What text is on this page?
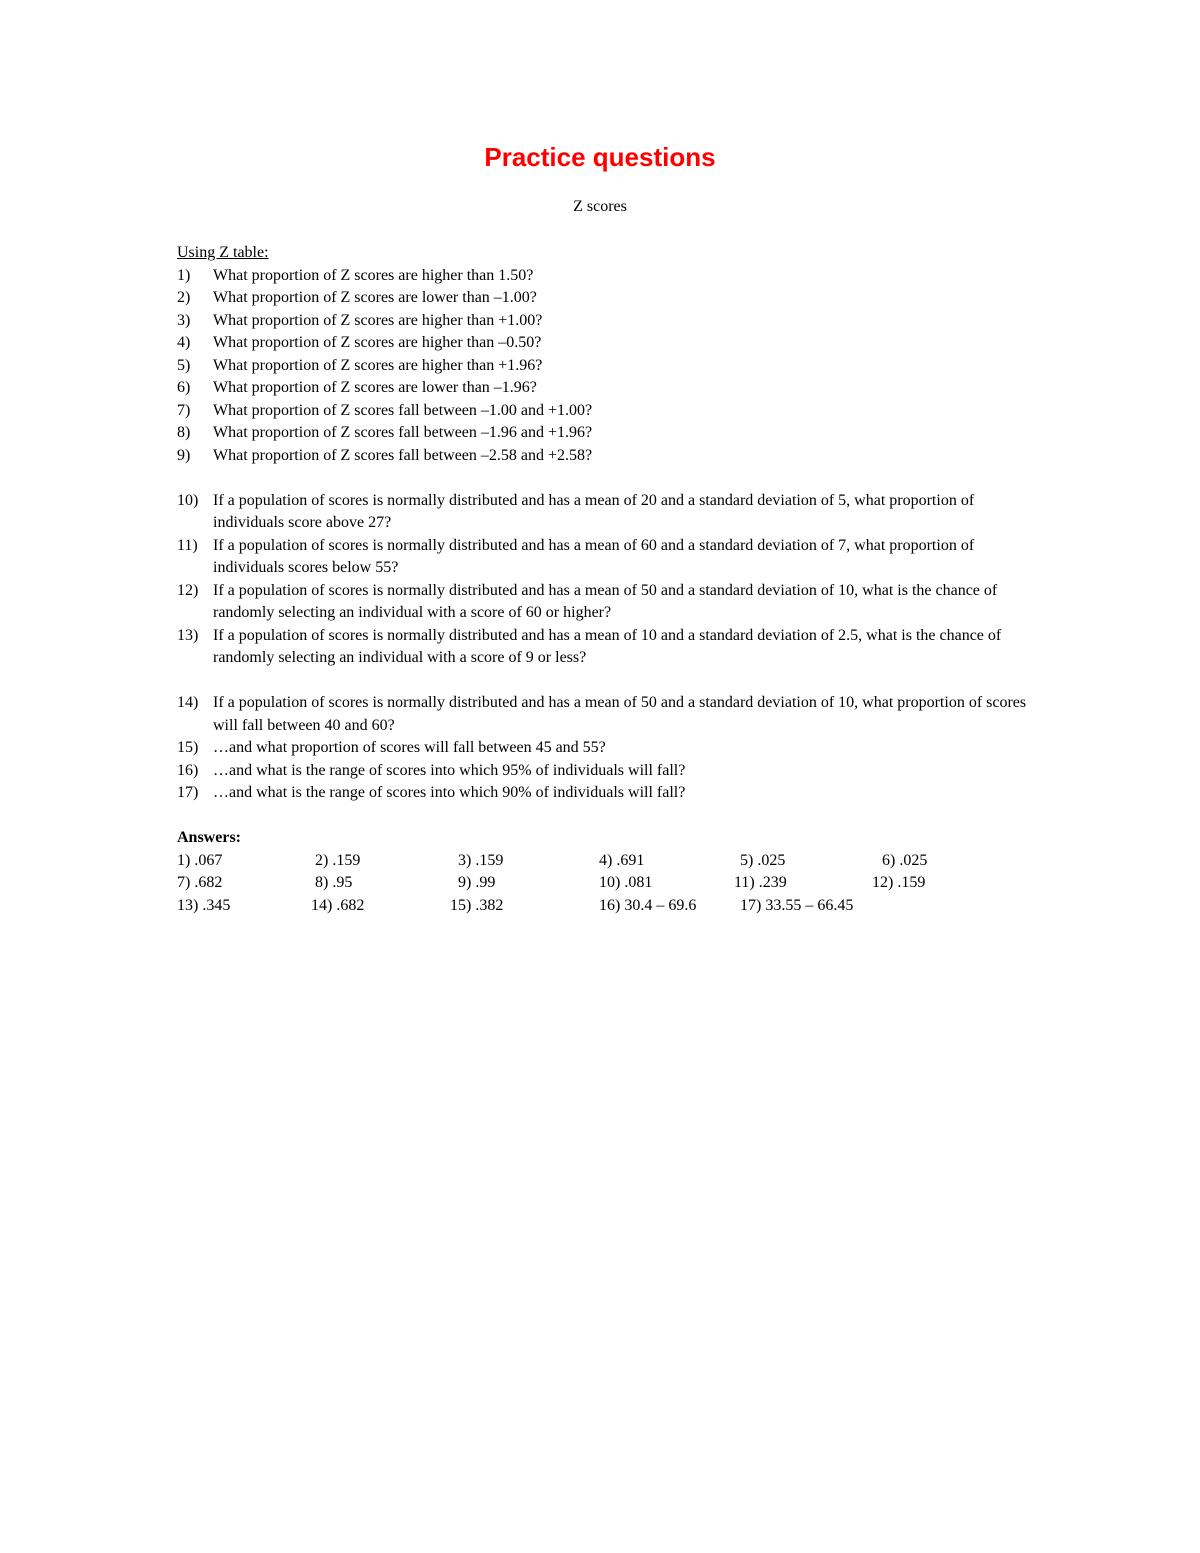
Practice questions
Z scores
Using Z table:
1)	What proportion of Z scores are higher than 1.50?
2)	What proportion of Z scores are lower than –1.00?
3)	What proportion of Z scores are higher than +1.00?
4)	What proportion of Z scores are higher than –0.50?
5)	What proportion of Z scores are higher than +1.96?
6)	What proportion of Z scores are lower than –1.96?
7)	What proportion of Z scores fall between –1.00 and +1.00?
8)	What proportion of Z scores fall between –1.96 and +1.96?
9)	What proportion of Z scores fall between –2.58 and +2.58?
10) If a population of scores is normally distributed and has a mean of 20 and a standard deviation of 5, what proportion of individuals score above 27?
11) If a population of scores is normally distributed and has a mean of 60 and a standard deviation of 7, what proportion of individuals scores below 55?
12) If a population of scores is normally distributed and has a mean of 50 and a standard deviation of 10, what is the chance of randomly selecting an individual with a score of 60 or higher?
13) If a population of scores is normally distributed and has a mean of 10 and a standard deviation of 2.5, what is the chance of randomly selecting an individual with a score of 9 or less?
14) If a population of scores is normally distributed and has a mean of 50 and a standard deviation of 10, what proportion of scores will fall between 40 and 60?
15) …and what proportion of scores will fall between 45 and 55?
16) …and what is the range of scores into which 95% of individuals will fall?
17) …and what is the range of scores into which 90% of individuals will fall?
Answers:
1) .067	2) .159	3) .159	4) .691	5) .025	6) .025
7) .682	8) .95	9) .99	10) .081	11) .239	12) .159
13) .345	14) .682	15) .382	16) 30.4 – 69.6	17) 33.55 – 66.45
